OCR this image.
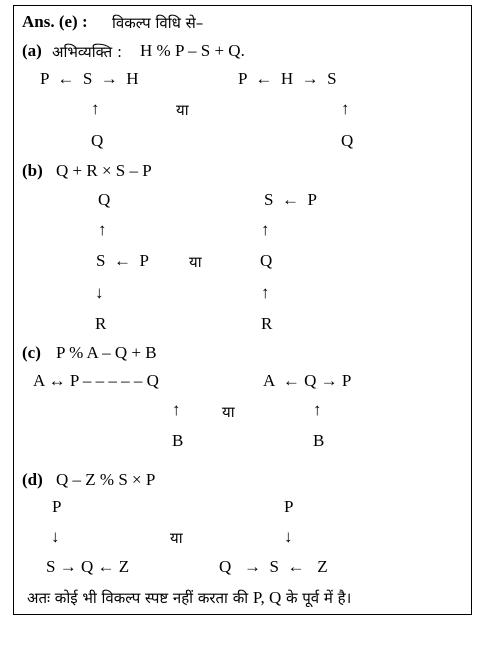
Ans. (e) : विकल्प विधि से–
(a) अभिव्यक्ति : H % P – S + Q.
P  ←  S  →  H
↑
Q
या
P  ←  H  →  S
↑
Q
(b) Q + R × S – P
Q
↑
S  ←  P
↓
R
या
S  ←  P
↑
Q
↑
R
(c) P % A – Q + B
A ↔ P – – – – – Q
↑
B
या
A  ← Q → P
↑
B
(d) Q – Z % S × P
P
↓
S → Q ← Z
या
P
↓
Q   →  S  ←   Z
अतः कोई भी विकल्प स्पष्ट नहीं करता की P, Q के पूर्व में है।
